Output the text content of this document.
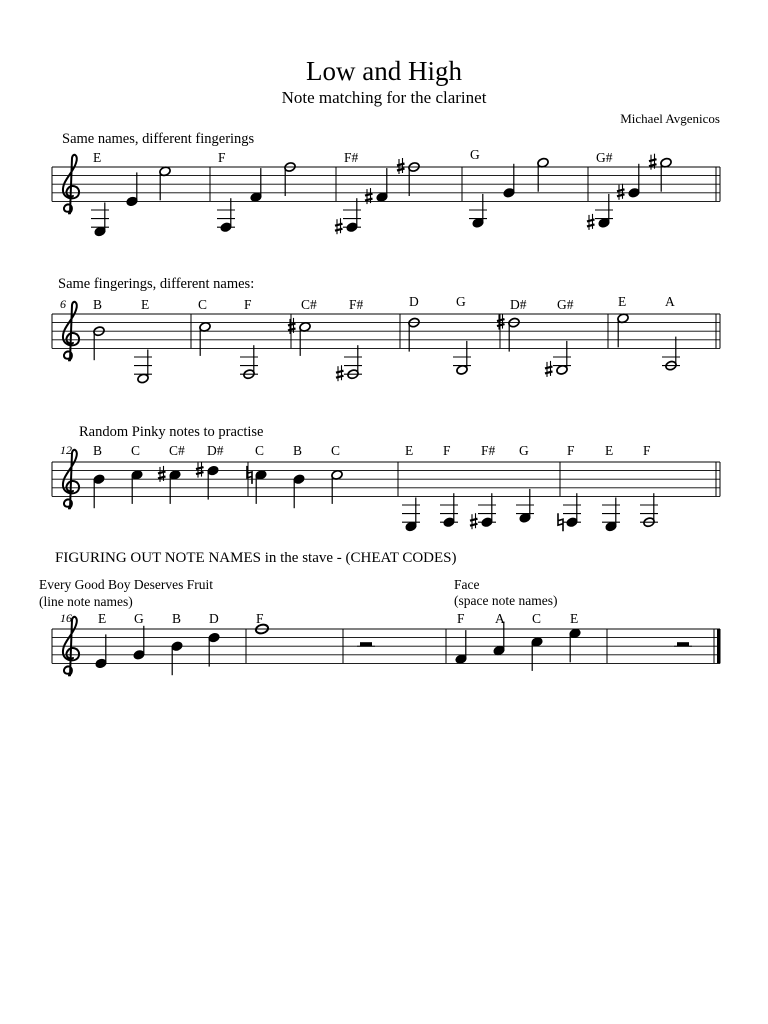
Low and High
Note matching for the clarinet
Michael Avgenicos
Same names, different fingerings
E	F	F#	G	G#
Same fingerings, different names:
6 B	E	C	F	C# F#	D	G	D# G#	E	A
Random Pinky notes to practise
12 B C C# D# C B C	E F F# G	F E F
FIGURING OUT NOTE NAMES in the stave - (CHEAT CODES)
Every Good Boy Deserves Fruit
(line note names)
Face
(space note names)
16 E G B D	F	F A C E
